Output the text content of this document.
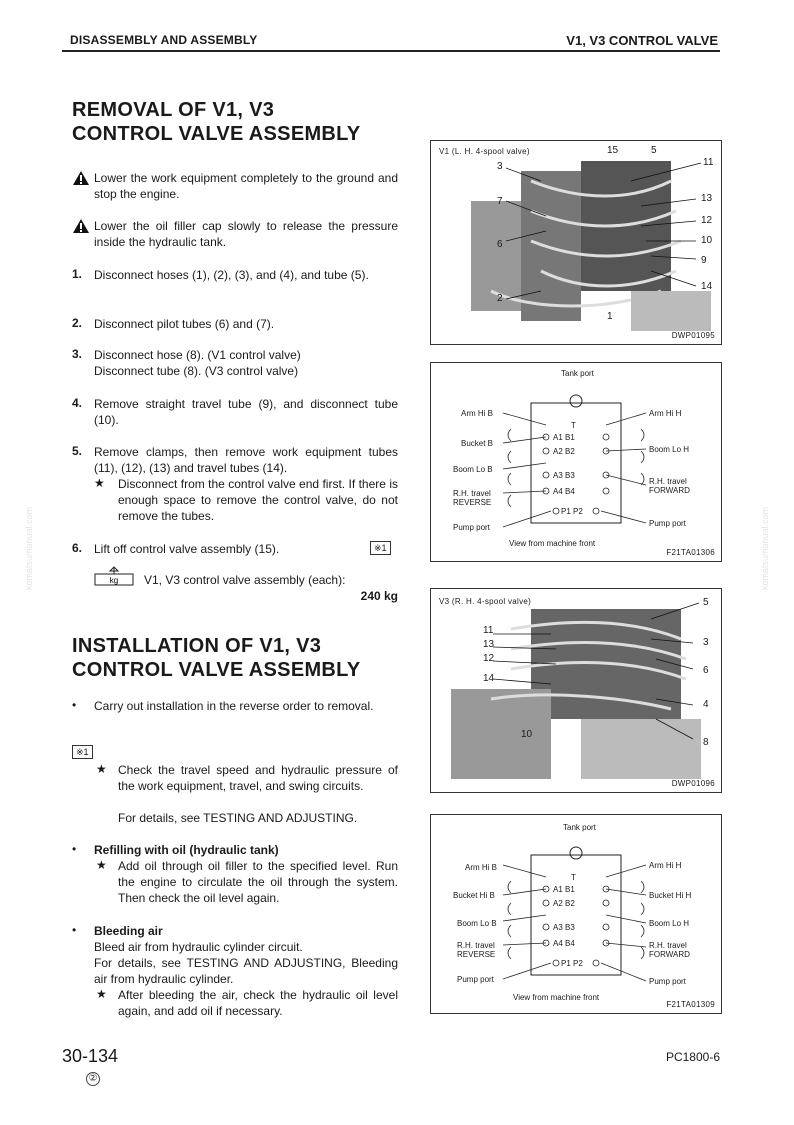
DISASSEMBLY AND ASSEMBLY	V1, V3 CONTROL VALVE
komatsumanual.com	komatsumanual.com
REMOVAL OF V1, V3
CONTROL VALVE ASSEMBLY
Lower the work equipment completely to the ground and stop the engine.
Lower the oil filler cap slowly to release the pressure inside the hydraulic tank.
1. Disconnect hoses (1), (2), (3), and (4), and tube (5).
2. Disconnect pilot tubes (6) and (7).
3. Disconnect hose (8). (V1 control valve)
Disconnect tube (8). (V3 control valve)
4. Remove straight travel tube (9), and disconnect tube (10).
5. Remove clamps, then remove work equipment tubes (11), (12), (13) and travel tubes (14).
★ Disconnect from the control valve end first. If there is enough space to remove the control valve, do not remove the tubes.
6. Lift off control valve assembly (15).	※1
kg V1, V3 control valve assembly (each):
240 kg
INSTALLATION OF V1, V3
CONTROL VALVE ASSEMBLY
• Carry out installation in the reverse order to removal.
※1
★ Check the travel speed and hydraulic pressure of the work equipment, travel, and swing circuits.
For details, see TESTING AND ADJUSTING.
• Refilling with oil (hydraulic tank)
★ Add oil through oil filler to the specified level. Run the engine to circulate the oil through the system. Then check the oil level again.
• Bleeding air
Bleed air from hydraulic cylinder circuit.
For details, see TESTING AND ADJUSTING, Bleeding air from hydraulic cylinder.
★ After bleeding the air, check the hydraulic oil level again, and add oil if necessary.
V1 (L. H. 4-spool valve)	15	5
11
3
7	13
12
10
6
9
14
2
1
DWP01095
Tank port
T
A1 B1
A2 B2
A3 B3
A4 B4
P1 P2
Arm Hi B
Bucket B
Boom Lo B
R.H. travel REVERSE
Pump port
Arm Hi H
Boom Lo H
R.H. travel FORWARD
Pump port
View from machine front
F21TA01306
V3 (R. H. 4-spool valve)
11
13
12
14
10
5
3
6
4
8
DWP01096
Tank port
T
A1 B1
A2 B2
A3 B3
A4 B4
P1 P2
Arm Hi B
Bucket Hi B
Boom Lo B
R.H. travel REVERSE
Pump port
Arm Hi H
Bucket Hi H
Boom Lo H
R.H. travel FORWARD
Pump port
View from machine front
F21TA01309
30-134	PC1800-6
②
